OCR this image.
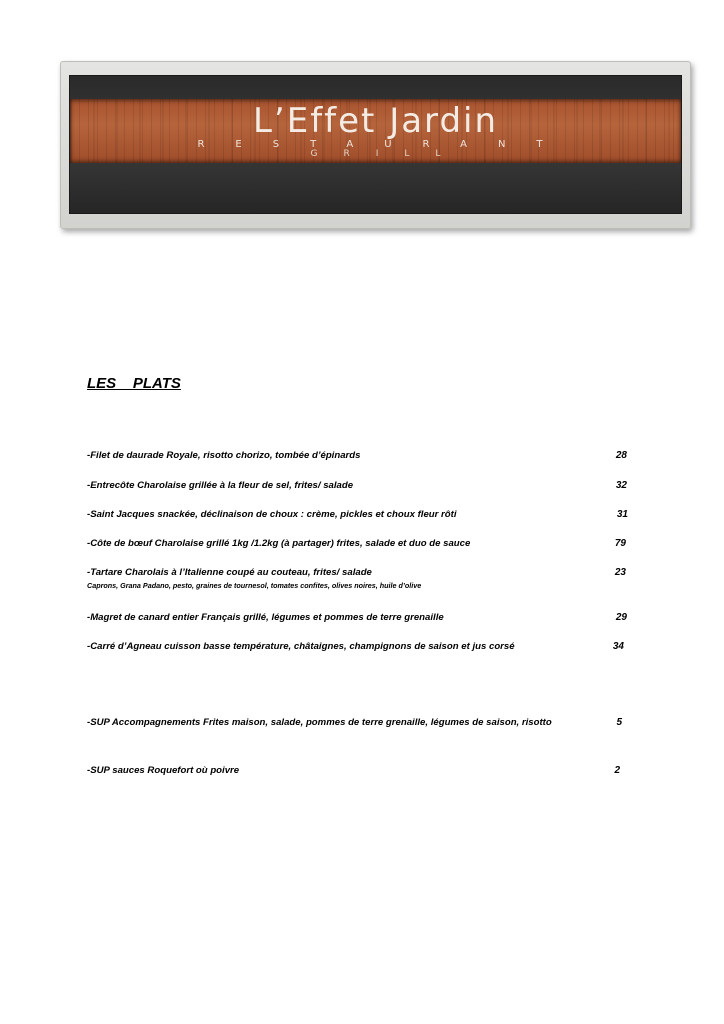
L’Effet Jardin
RESTAURANT
GRILL
LES    PLATS
-Filet de daurade Royale, risotto chorizo, tombée d’épinards	28
-Entrecôte Charolaise grillée à la fleur de sel, frites/ salade	32
-Saint Jacques snackée, déclinaison de choux : crème, pickles et choux fleur rôti	31
-Côte de bœuf Charolaise grillé 1kg /1.2kg (à partager) frites, salade et duo de sauce	79
-Tartare Charolais à l’Italienne coupé au couteau, frites/ salade	23
Caprons, Grana Padano, pesto, graines de tournesol, tomates confites, olives noires, huile d’olive
-Magret de canard entier Français grillé, légumes et pommes de terre grenaille	29
-Carré d’Agneau cuisson basse température, châtaignes, champignons de saison et jus corsé	34
-SUP Accompagnements Frites maison, salade, pommes de terre grenaille, légumes de saison, risotto	5
-SUP sauces Roquefort où poivre	2
